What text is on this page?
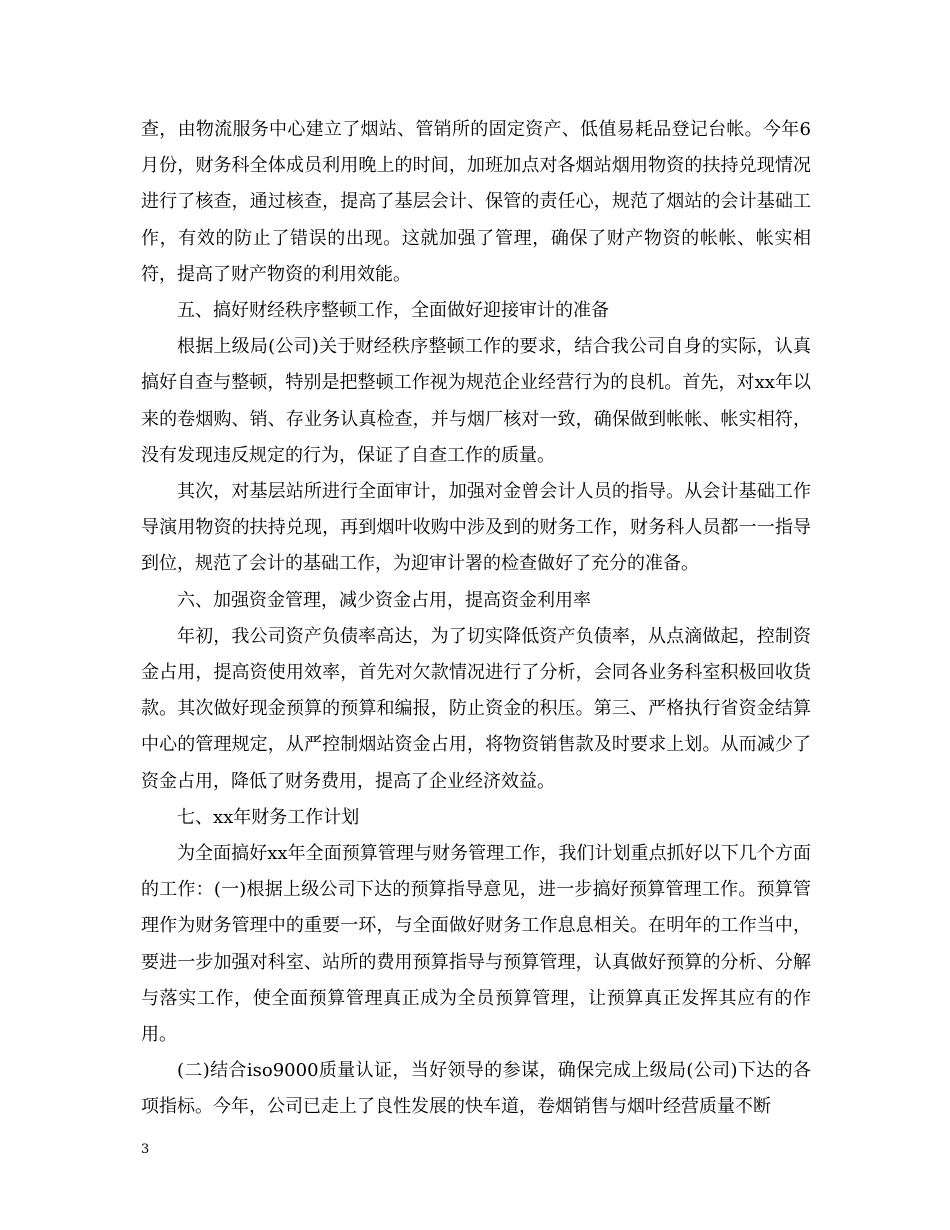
查，由物流服务中心建立了烟站、管销所的固定资产、低值易耗品登记台帐。今年6月份，财务科全体成员利用晚上的时间，加班加点对各烟站烟用物资的扶持兑现情况进行了核查，通过核查，提高了基层会计、保管的责任心，规范了烟站的会计基础工作，有效的防止了错误的出现。这就加强了管理，确保了财产物资的帐帐、帐实相符，提高了财产物资的利用效能。

五、搞好财经秩序整顿工作，全面做好迎接审计的准备

根据上级局(公司)关于财经秩序整顿工作的要求，结合我公司自身的实际，认真搞好自查与整顿，特别是把整顿工作视为规范企业经营行为的良机。首先，对xx年以来的卷烟购、销、存业务认真检查，并与烟厂核对一致，确保做到帐帐、帐实相符，没有发现违反规定的行为，保证了自查工作的质量。

其次，对基层站所进行全面审计，加强对金曾会计人员的指导。从会计基础工作导演用物资的扶持兑现，再到烟叶收购中涉及到的财务工作，财务科人员都一一指导到位，规范了会计的基础工作，为迎审计署的检查做好了充分的准备。

六、加强资金管理，减少资金占用，提高资金利用率

年初，我公司资产负债率高达，为了切实降低资产负债率，从点滴做起，控制资金占用，提高资使用效率，首先对欠款情况进行了分析，会同各业务科室积极回收货款。其次做好现金预算的预算和编报，防止资金的积压。第三、严格执行省资金结算中心的管理规定，从严控制烟站资金占用，将物资销售款及时要求上划。从而减少了资金占用，降低了财务费用，提高了企业经济效益。

七、xx年财务工作计划

为全面搞好xx年全面预算管理与财务管理工作，我们计划重点抓好以下几个方面的工作：(一)根据上级公司下达的预算指导意见，进一步搞好预算管理工作。预算管理作为财务管理中的重要一环，与全面做好财务工作息息相关。在明年的工作当中，要进一步加强对科室、站所的费用预算指导与预算管理，认真做好预算的分析、分解与落实工作，使全面预算管理真正成为全员预算管理，让预算真正发挥其应有的作用。

(二)结合iso9000质量认证，当好领导的参谋，确保完成上级局(公司)下达的各项指标。今年，公司已走上了良性发展的快车道，卷烟销售与烟叶经营质量不断

3
